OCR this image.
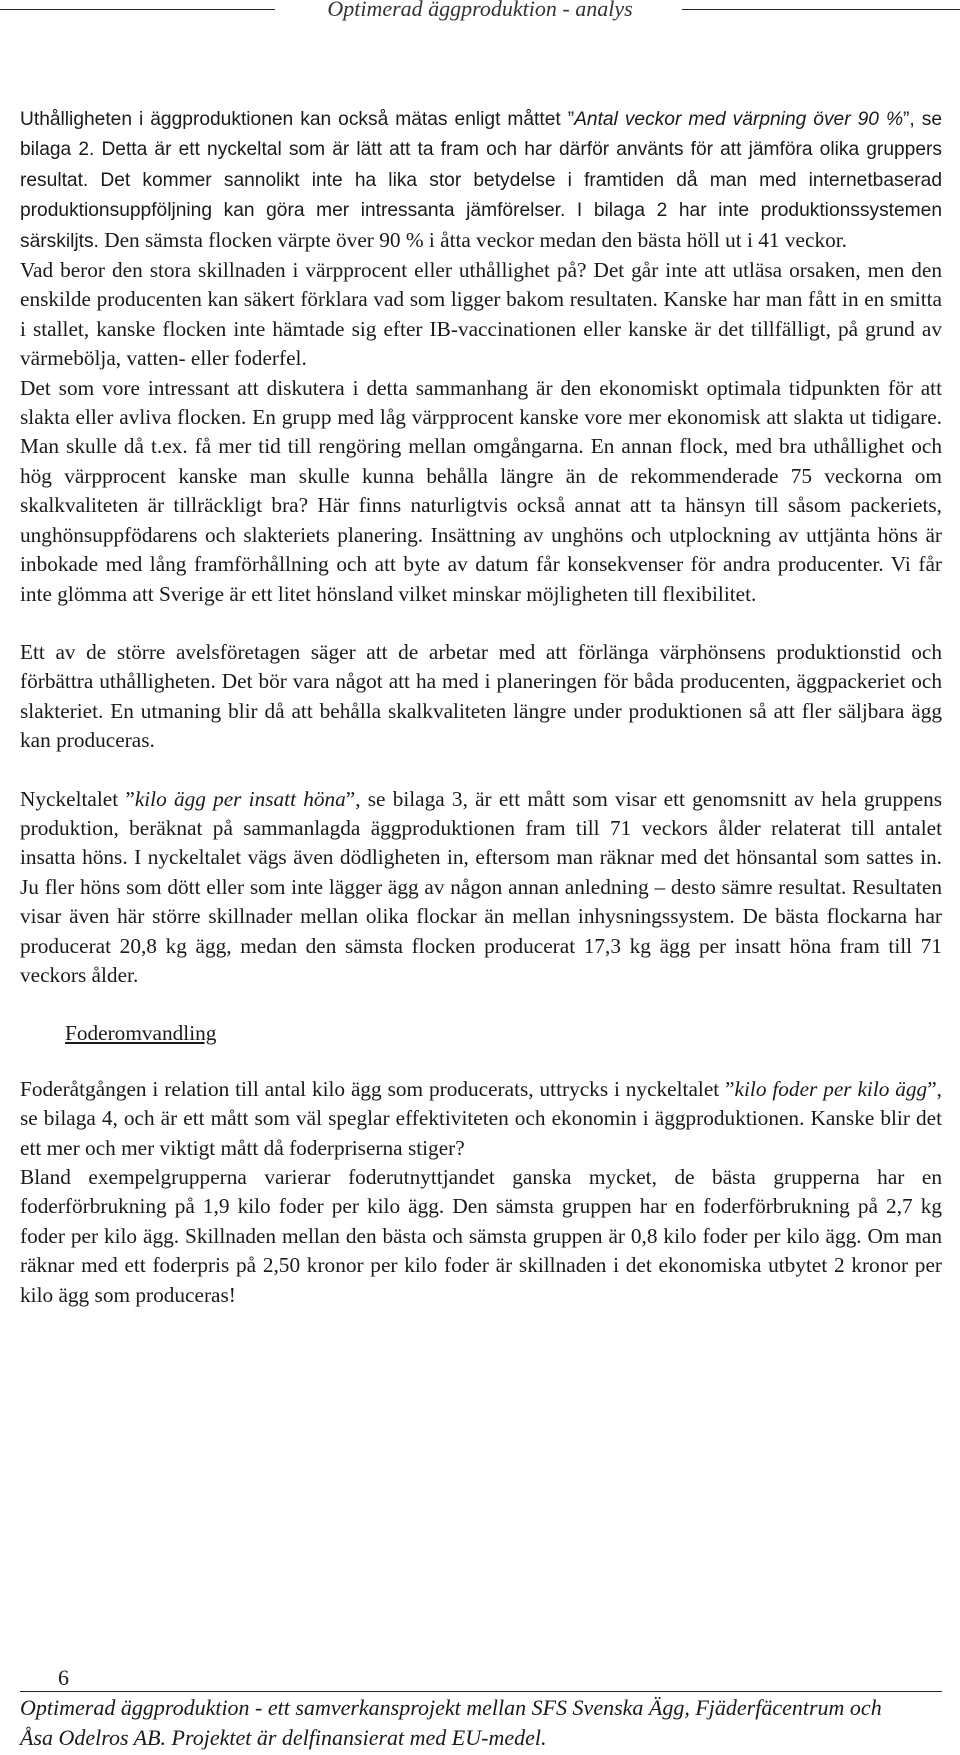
Optimerad äggproduktion - analys

Uthålligheten i äggproduktionen kan också mätas enligt måttet ”Antal veckor med värpning över 90 %”, se bilaga 2. Detta är ett nyckeltal som är lätt att ta fram och har därför använts för att jämföra olika gruppers resultat. Det kommer sannolikt inte ha lika stor betydelse i framtiden då man med internetbaserad produktionsuppföljning kan göra mer intressanta jämförelser. I bilaga 2 har inte produktionssystemen särskiljts. Den sämsta flocken värpte över 90 % i åtta veckor medan den bästa höll ut i 41 veckor.

Vad beror den stora skillnaden i värpprocent eller uthållighet på? Det går inte att utläsa orsaken, men den enskilde producenten kan säkert förklara vad som ligger bakom resultaten. Kanske har man fått in en smitta i stallet, kanske flocken inte hämtade sig efter IB-vaccinationen eller kanske är det tillfälligt, på grund av värmebölja, vatten- eller foderfel.

Det som vore intressant att diskutera i detta sammanhang är den ekonomiskt optimala tidpunkten för att slakta eller avliva flocken. En grupp med låg värpprocent kanske vore mer ekonomisk att slakta ut tidigare. Man skulle då t.ex. få mer tid till rengöring mellan omgångarna. En annan flock, med bra uthållighet och hög värpprocent kanske man skulle kunna behålla längre än de rekommenderade 75 veckorna om skalkvaliteten är tillräckligt bra? Här finns naturligtvis också annat att ta hänsyn till såsom packeriets, unghönsuppfödarens och slakteriets planering. Insättning av unghöns och utplockning av uttjänta höns är inbokade med lång framförhållning och att byte av datum får konsekvenser för andra producenter. Vi får inte glömma att Sverige är ett litet hönsland vilket minskar möjligheten till flexibilitet.

Ett av de större avelsföretagen säger att de arbetar med att förlänga värphönsens produktionstid och förbättra uthålligheten. Det bör vara något att ha med i planeringen för båda producenten, äggpackeriet och slakteriet. En utmaning blir då att behålla skalkvaliteten längre under produktionen så att fler säljbara ägg kan produceras.

Nyckeltalet ”kilo ägg per insatt höna”, se bilaga 3, är ett mått som visar ett genomsnitt av hela gruppens produktion, beräknat på sammanlagda äggproduktionen fram till 71 veckors ålder relaterat till antalet insatta höns. I nyckeltalet vägs även dödligheten in, eftersom man räknar med det hönsantal som sattes in. Ju fler höns som dött eller som inte lägger ägg av någon annan anledning – desto sämre resultat. Resultaten visar även här större skillnader mellan olika flockar än mellan inhysningssystem. De bästa flockarna har producerat 20,8 kg ägg, medan den sämsta flocken producerat 17,3 kg ägg per insatt höna fram till 71 veckors ålder.

Foderomvandling

Foderåtgången i relation till antal kilo ägg som producerats, uttrycks i nyckeltalet ”kilo foder per kilo ägg”, se bilaga 4, och är ett mått som väl speglar effektiviteten och ekonomin i äggproduktionen. Kanske blir det ett mer och mer viktigt mått då foderpriserna stiger?

Bland exempelgrupperna varierar foderutnyttjandet ganska mycket, de bästa grupperna har en foderförbrukning på 1,9 kilo foder per kilo ägg. Den sämsta gruppen har en foderförbrukning på 2,7 kg foder per kilo ägg. Skillnaden mellan den bästa och sämsta gruppen är 0,8 kilo foder per kilo ägg. Om man räknar med ett foderpris på 2,50 kronor per kilo foder är skillnaden i det ekonomiska utbytet 2 kronor per kilo ägg som produceras!

6
Optimerad äggproduktion - ett samverkansprojekt mellan SFS Svenska Ägg, Fjäderfäcentrum och
Åsa Odelros AB. Projektet är delfinansierat med EU-medel.
